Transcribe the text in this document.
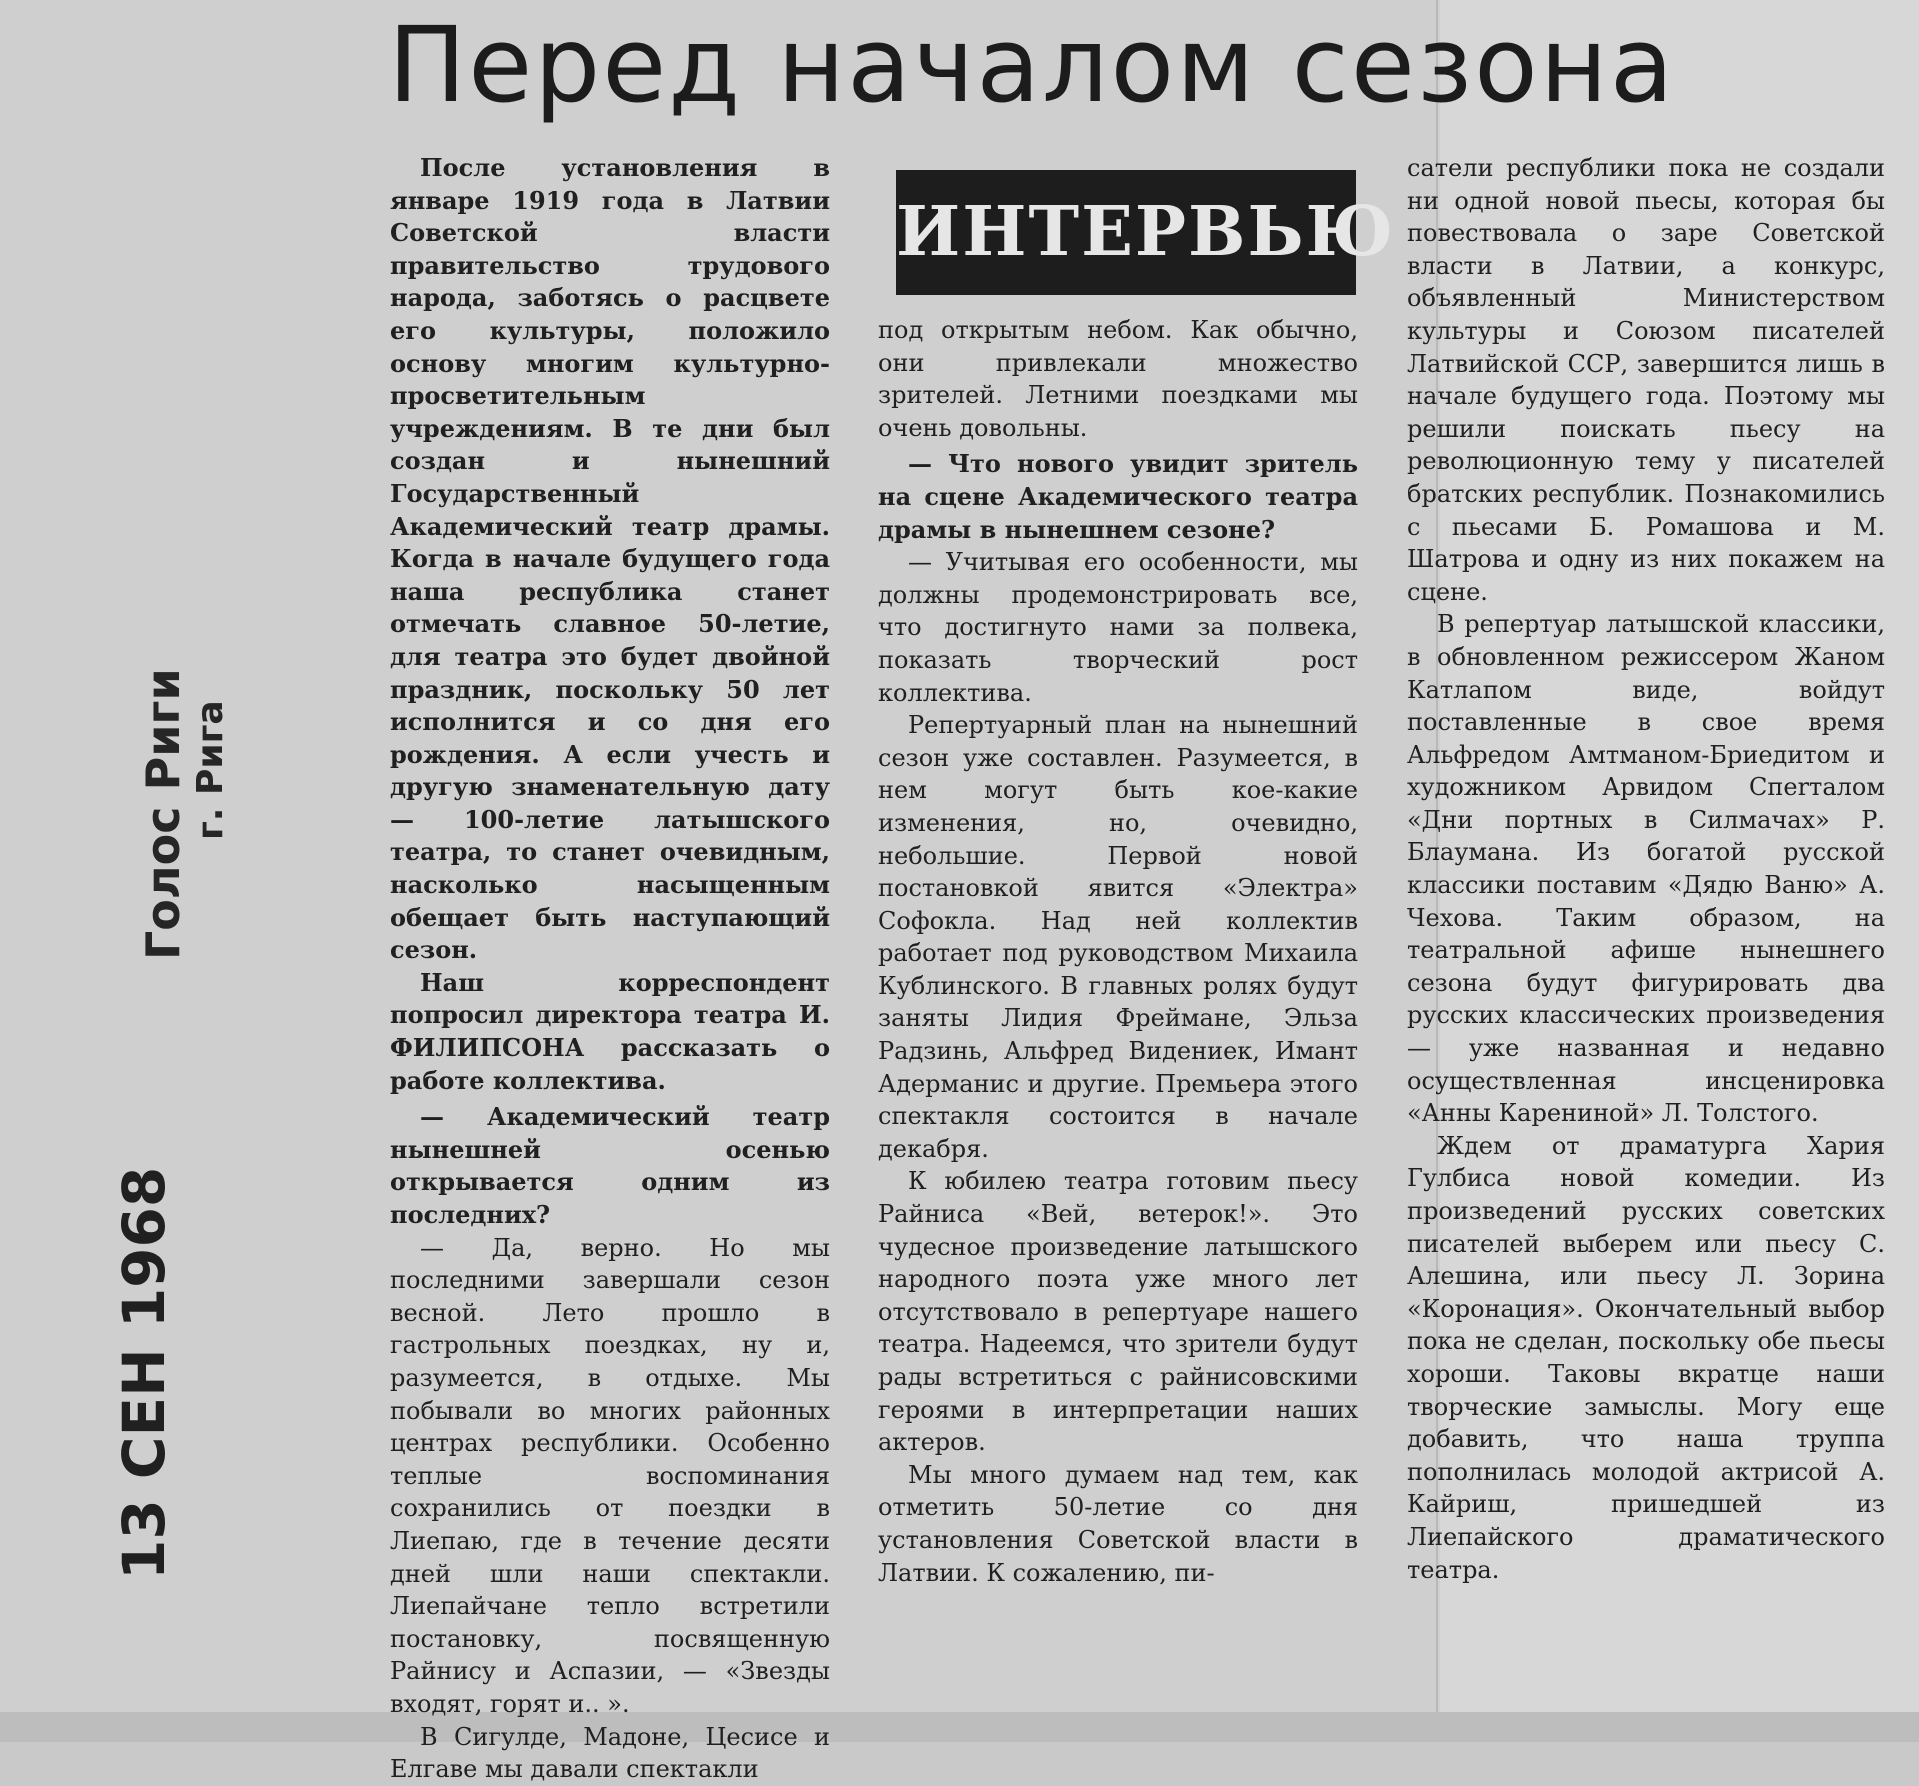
Перед началом сезона
Голос Риги г. Рига
13 СЕН 1968

После установления в январе 1919 года в Латвии Советской власти правительство трудового народа, заботясь о расцвете его культуры, положило основу многим культурно-просветительным учреждениям. В те дни был создан и нынешний Государственный Академический театр драмы. Когда в начале будущего года наша республика станет отмечать славное 50-летие, для театра это будет двойной праздник, поскольку 50 лет исполнится и со дня его рождения. А если учесть и другую знаменательную дату — 100-летие латышского театра, то станет очевидным, насколько насыщенным обещает быть наступающий сезон.

Наш корреспондент попросил директора театра И. ФИЛИПСОНА рассказать о работе коллектива.

— Академический театр нынешней осенью открывается одним из последних?

— Да, верно. Но мы последними завершали сезон весной. Лето прошло в гастрольных поездках, ну и, разумеется, в отдыхе. Мы побывали во многих районных центрах республики. Особенно теплые воспоминания сохранились от поездки в Лиепаю, где в течение десяти дней шли наши спектакли. Лиепайчане тепло встретили постановку, посвященную Райнису и Аспазии, — «Звезды входят, горят и.. ».

В Сигулде, Мадоне, Цесисе и Елгаве мы давали спектакли

ИНТЕРВЬЮ

под открытым небом. Как обычно, они привлекали множество зрителей. Летними поездками мы очень довольны.

— Что нового увидит зритель на сцене Академического театра драмы в нынешнем сезоне?

— Учитывая его особенности, мы должны продемонстрировать все, что достигнуто нами за полвека, показать творческий рост коллектива.

Репертуарный план на нынешний сезон уже составлен. Разумеется, в нем могут быть кое-какие изменения, но, очевидно, небольшие. Первой новой постановкой явится «Электра» Софокла. Над ней коллектив работает под руководством Михаила Кублинского. В главных ролях будут заняты Лидия Фреймане, Эльза Радзинь, Альфред Видениек, Имант Адерманис и другие. Премьера этого спектакля состоится в начале декабря.

К юбилею театра готовим пьесу Райниса «Вей, ветерок!». Это чудесное произведение латышского народного поэта уже много лет отсутствовало в репертуаре нашего театра. Надеемся, что зрители будут рады встретиться с райнисовскими героями в интерпретации наших актеров.

Мы много думаем над тем, как отметить 50-летие со дня установления Советской власти в Латвии. К сожалению, пи-

сатели республики пока не создали ни одной новой пьесы, которая бы повествовала о заре Советской власти в Латвии, а конкурс, объявленный Министерством культуры и Союзом писателей Латвийской ССР, завершится лишь в начале будущего года. Поэтому мы решили поискать пьесу на революционную тему у писателей братских республик. Познакомились с пьесами Б. Ромашова и М. Шатрова и одну из них покажем на сцене.

В репертуар латышской классики, в обновленном режиссером Жаном Катлапом виде, войдут поставленные в свое время Альфредом Амтманом-Бриедитом и художником Арвидом Спerталом «Дни портных в Силмачах» Р. Блаумана. Из богатой русской классики поставим «Дядю Ваню» А. Чехова. Таким образом, на театральной афише нынешнего сезона будут фигурировать два русских классических произведения — уже названная и недавно осуществленная инсценировка «Анны Карениной» Л. Толстого.

Ждем от драматурга Хария Гулбиса новой комедии. Из произведений русских советских писателей выберем или пьесу С. Алешина, или пьесу Л. Зорина «Коронация». Окончательный выбор пока не сделан, поскольку обе пьесы хороши. Таковы вкратце наши творческие замыслы. Могу еще добавить, что наша труппа пополнилась молодой актрисой А. Кайриш, пришедшей из Лиепайского драматического театра.
